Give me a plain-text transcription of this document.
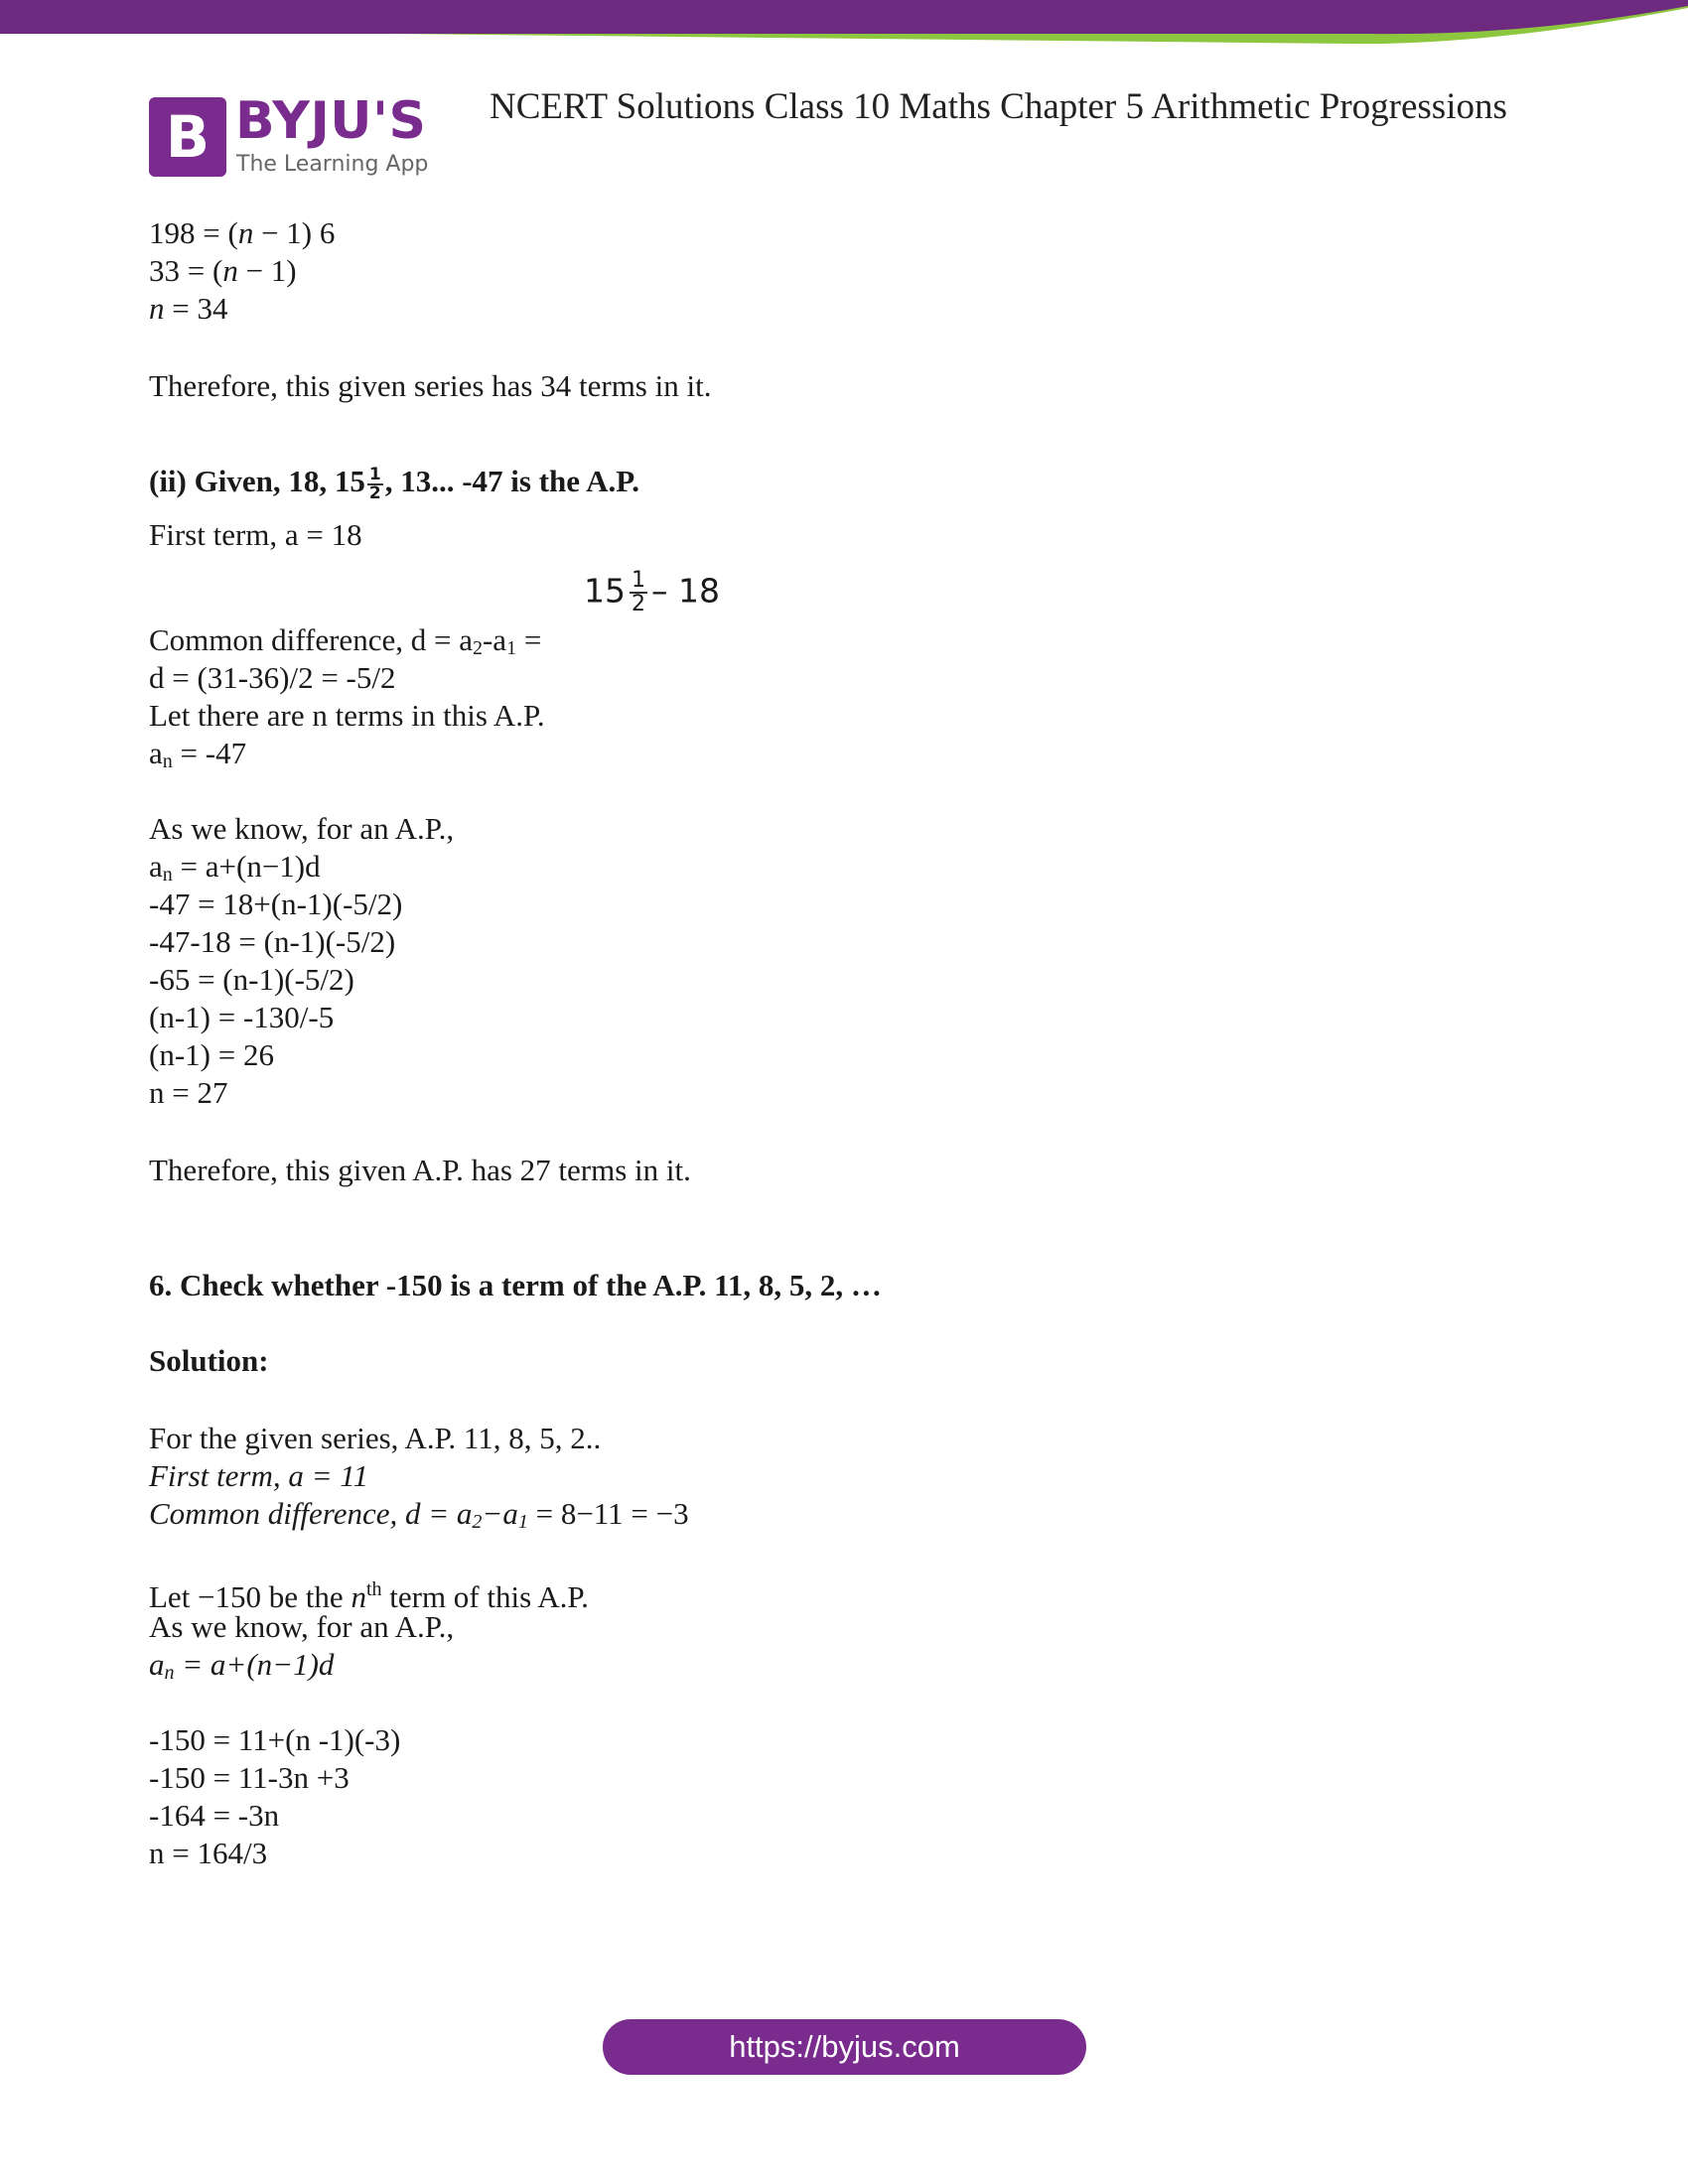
B BYJU'S
The Learning App
NCERT Solutions Class 10 Maths Chapter 5 Arithmetic Progressions
198 = (n − 1) 6
33 = (n − 1)
n = 34
Therefore, this given series has 34 terms in it.
(ii) Given, 18, $15 \frac{1}{2}$ , 13... -47 is the A.P.
First term, a = 18
$15 \frac{1}{2} - 18$
Common difference, $d = a_2-a_1$ =
d = (31-36)/2 = -5/2
Let there are n terms in this A.P.
$a_n = -47$
As we know, for an A.P.,
$a_n = a+(n-1)d$
-47 = 18+(n-1)(-5/2)
-47-18 = (n-1)(-5/2)
-65 = (n-1)(-5/2)
(n-1) = -130/-5
(n-1) = 26
n = 27
Therefore, this given A.P. has 27 terms in it.
6. Check whether -150 is a term of the A.P. 11, 8, 5, 2, …
Solution:
For the given series, A.P. 11, 8, 5, 2..
First term, a = 11
Common difference, $d = a_2-a_1 = 8-11 = -3$
Let −150 be the $n^{th}$ term of this A.P.
As we know, for an A.P.,
$a_n = a+(n-1)d$
-150 = 11+(n -1)(-3)
-150 = 11-3n +3
-164 = -3n
n = 164/3
https://byjus.com
